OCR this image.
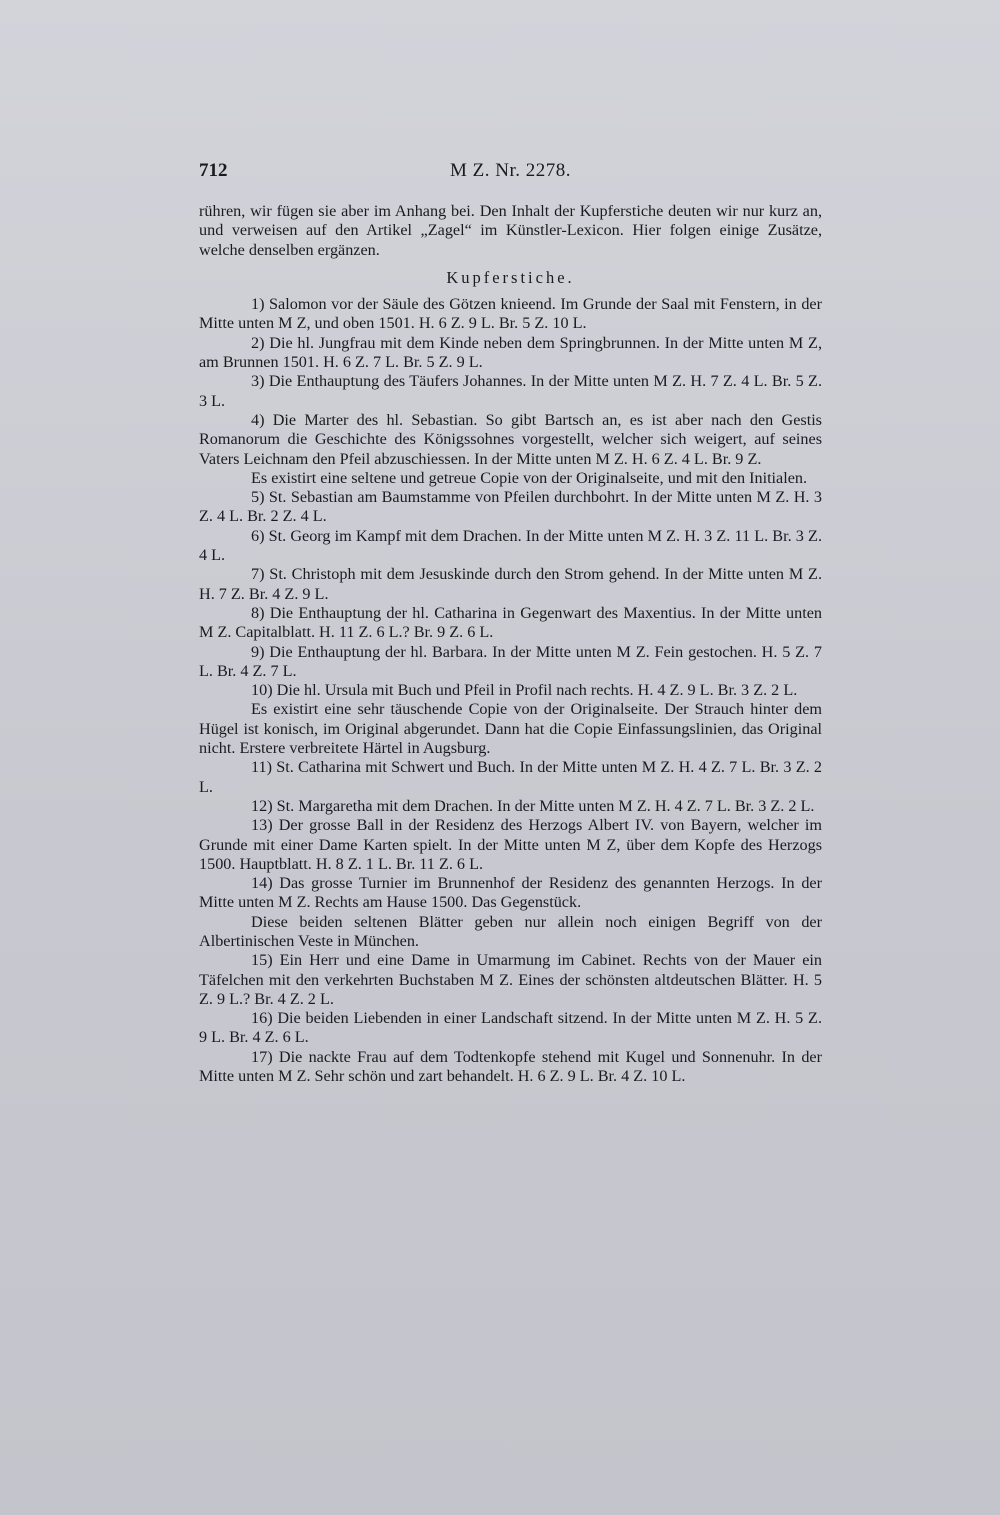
712	M Z. Nr. 2278.

rühren, wir fügen sie aber im Anhang bei. Den Inhalt der Kupferstiche deuten wir nur kurz an, und verweisen auf den Artikel „Zagel“ im Künstler-Lexicon. Hier folgen einige Zusätze, welche denselben ergänzen.

Kupferstiche.

1) Salomon vor der Säule des Götzen knieend. Im Grunde der Saal mit Fenstern, in der Mitte unten M Z, und oben 1501. H. 6 Z. 9 L. Br. 5 Z. 10 L.

2) Die hl. Jungfrau mit dem Kinde neben dem Springbrunnen. In der Mitte unten M Z, am Brunnen 1501. H. 6 Z. 7 L. Br. 5 Z. 9 L.

3) Die Enthauptung des Täufers Johannes. In der Mitte unten M Z. H. 7 Z. 4 L. Br. 5 Z. 3 L.

4) Die Marter des hl. Sebastian. So gibt Bartsch an, es ist aber nach den Gestis Romanorum die Geschichte des Königssohnes vorgestellt, welcher sich weigert, auf seines Vaters Leichnam den Pfeil abzuschiessen. In der Mitte unten M Z. H. 6 Z. 4 L. Br. 9 Z.

Es existirt eine seltene und getreue Copie von der Originalseite, und mit den Initialen.

5) St. Sebastian am Baumstamme von Pfeilen durchbohrt. In der Mitte unten M Z. H. 3 Z. 4 L. Br. 2 Z. 4 L.

6) St. Georg im Kampf mit dem Drachen. In der Mitte unten M Z. H. 3 Z. 11 L. Br. 3 Z. 4 L.

7) St. Christoph mit dem Jesuskinde durch den Strom gehend. In der Mitte unten M Z. H. 7 Z. Br. 4 Z. 9 L.

8) Die Enthauptung der hl. Catharina in Gegenwart des Maxentius. In der Mitte unten M Z. Capitalblatt. H. 11 Z. 6 L.? Br. 9 Z. 6 L.

9) Die Enthauptung der hl. Barbara. In der Mitte unten M Z. Fein gestochen. H. 5 Z. 7 L. Br. 4 Z. 7 L.

10) Die hl. Ursula mit Buch und Pfeil in Profil nach rechts. H. 4 Z. 9 L. Br. 3 Z. 2 L.

Es existirt eine sehr täuschende Copie von der Originalseite. Der Strauch hinter dem Hügel ist konisch, im Original abgerundet. Dann hat die Copie Einfassungslinien, das Original nicht. Erstere verbreitete Härtel in Augsburg.

11) St. Catharina mit Schwert und Buch. In der Mitte unten M Z. H. 4 Z. 7 L. Br. 3 Z. 2 L.

12) St. Margaretha mit dem Drachen. In der Mitte unten M Z. H. 4 Z. 7 L. Br. 3 Z. 2 L.

13) Der grosse Ball in der Residenz des Herzogs Albert IV. von Bayern, welcher im Grunde mit einer Dame Karten spielt. In der Mitte unten M Z, über dem Kopfe des Herzogs 1500. Hauptblatt. H. 8 Z. 1 L. Br. 11 Z. 6 L.

14) Das grosse Turnier im Brunnenhof der Residenz des genannten Herzogs. In der Mitte unten M Z. Rechts am Hause 1500. Das Gegenstück.

Diese beiden seltenen Blätter geben nur allein noch einigen Begriff von der Albertinischen Veste in München.

15) Ein Herr und eine Dame in Umarmung im Cabinet. Rechts von der Mauer ein Täfelchen mit den verkehrten Buchstaben M Z. Eines der schönsten altdeutschen Blätter. H. 5 Z. 9 L.? Br. 4 Z. 2 L.

16) Die beiden Liebenden in einer Landschaft sitzend. In der Mitte unten M Z. H. 5 Z. 9 L. Br. 4 Z. 6 L.

17) Die nackte Frau auf dem Todtenkopfe stehend mit Kugel und Sonnenuhr. In der Mitte unten M Z. Sehr schön und zart behandelt. H. 6 Z. 9 L. Br. 4 Z. 10 L.
